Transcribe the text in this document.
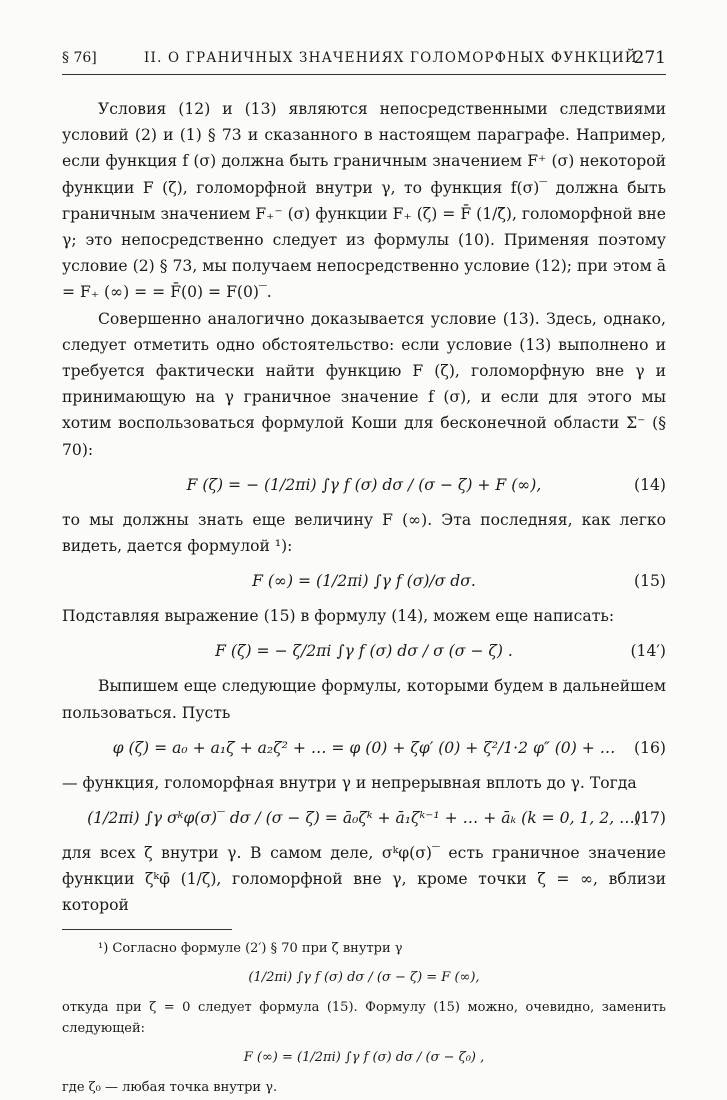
§ 76]	II. О ГРАНИЧНЫХ ЗНАЧЕНИЯХ ГОЛОМОРФНЫХ ФУНКЦИЙ
271

Условия (12) и (13) являются непосредственными следствиями условий (2) и (1) § 73 и сказанного в настоящем параграфе. Например, если функция f (σ) должна быть граничным значением F⁺ (σ) некоторой функции F (ζ), голоморфной внутри γ, то функция f(σ)‾ должна быть граничным значением F₊⁻ (σ) функции F₊ (ζ) = F̄ (1/ζ̄), голоморфной вне γ; это непосредственно следует из формулы (10). Применяя поэтому условие (2) § 73, мы получаем непосредственно условие (12); при этом ā = F₊ (∞) = = F̄(0) = F(0)‾.

Совершенно аналогично доказывается условие (13). Здесь, однако, следует отметить одно обстоятельство: если условие (13) выполнено и требуется фактически найти функцию F (ζ), голоморфную вне γ и принимающую на γ граничное значение f (σ), и если для этого мы хотим воспользоваться формулой Коши для бесконечной области Σ⁻ (§ 70):

F (ζ) = − (1/2πi) ∫γ f (σ) dσ / (σ − ζ) + F (∞),	(14)

то мы должны знать еще величину F (∞). Эта последняя, как легко видеть, дается формулой ¹):

F (∞) = (1/2πi) ∫γ f (σ)/σ dσ.	(15)

Подставляя выражение (15) в формулу (14), можем еще написать:

F (ζ) = − ζ/2πi ∫γ f (σ) dσ / σ (σ − ζ) .	(14′)

Выпишем еще следующие формулы, которыми будем в дальнейшем пользоваться. Пусть

φ (ζ) = a₀ + a₁ζ + a₂ζ² + … = φ (0) + ζφ′ (0) + ζ²/1·2 φ″ (0) + … (16)

— функция, голоморфная внутри γ и непрерывная вплоть до γ. Тогда

(1/2πi) ∫γ σᵏφ(σ)‾ dσ / (σ − ζ) = ā₀ζᵏ + ā₁ζᵏ⁻¹ + … + āₖ (k = 0, 1, 2, …)
(17)

для всех ζ внутри γ. В самом деле, σᵏφ(σ)‾ есть граничное значение функции ζᵏφ̄ (1/ζ), голоморфной вне γ, кроме точки ζ = ∞, вблизи которой

¹) Согласно формуле (2′) § 70 при ζ внутри γ

(1/2πi) ∫γ f (σ) dσ / (σ − ζ) = F (∞),

откуда при ζ = 0 следует формула (15). Формулу (15) можно, очевидно, заменить следующей:

F (∞) = (1/2πi) ∫γ f (σ) dσ / (σ − ζ₀) ,

где ζ₀ — любая точка внутри γ.
